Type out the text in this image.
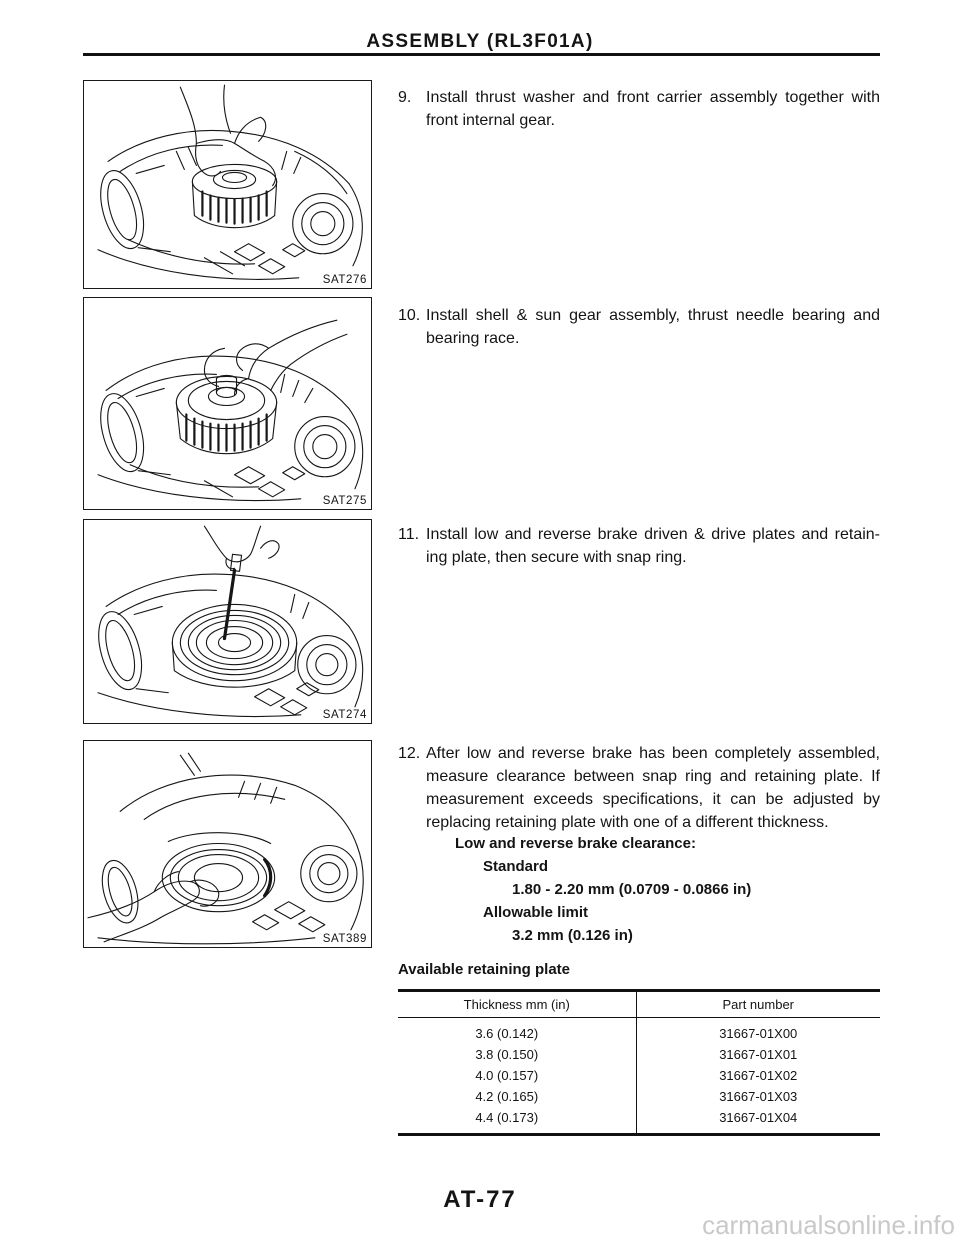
ASSEMBLY (RL3F01A)
SAT276
SAT275
SAT274
SAT389
9. Install thrust washer and front carrier assembly together with
front internal gear.
10. Install shell & sun gear assembly, thrust needle bearing and
bearing race.
11. Install low and reverse brake driven & drive plates and retain-
ing plate, then secure with snap ring.
12. After low and reverse brake has been completely assembled,
measure clearance between snap ring and retaining plate. If
measurement exceeds specifications, it can be adjusted by
replacing retaining plate with one of a different thickness.
Low and reverse brake clearance:
Standard
1.80 - 2.20 mm (0.0709 - 0.0866 in)
Allowable limit
3.2 mm (0.126 in)
Available retaining plate
Thickness mm (in)	Part number
3.6 (0.142)	31667-01X00
3.8 (0.150)	31667-01X01
4.0 (0.157)	31667-01X02
4.2 (0.165)	31667-01X03
4.4 (0.173)	31667-01X04
AT-77
carmanualsonline.info
